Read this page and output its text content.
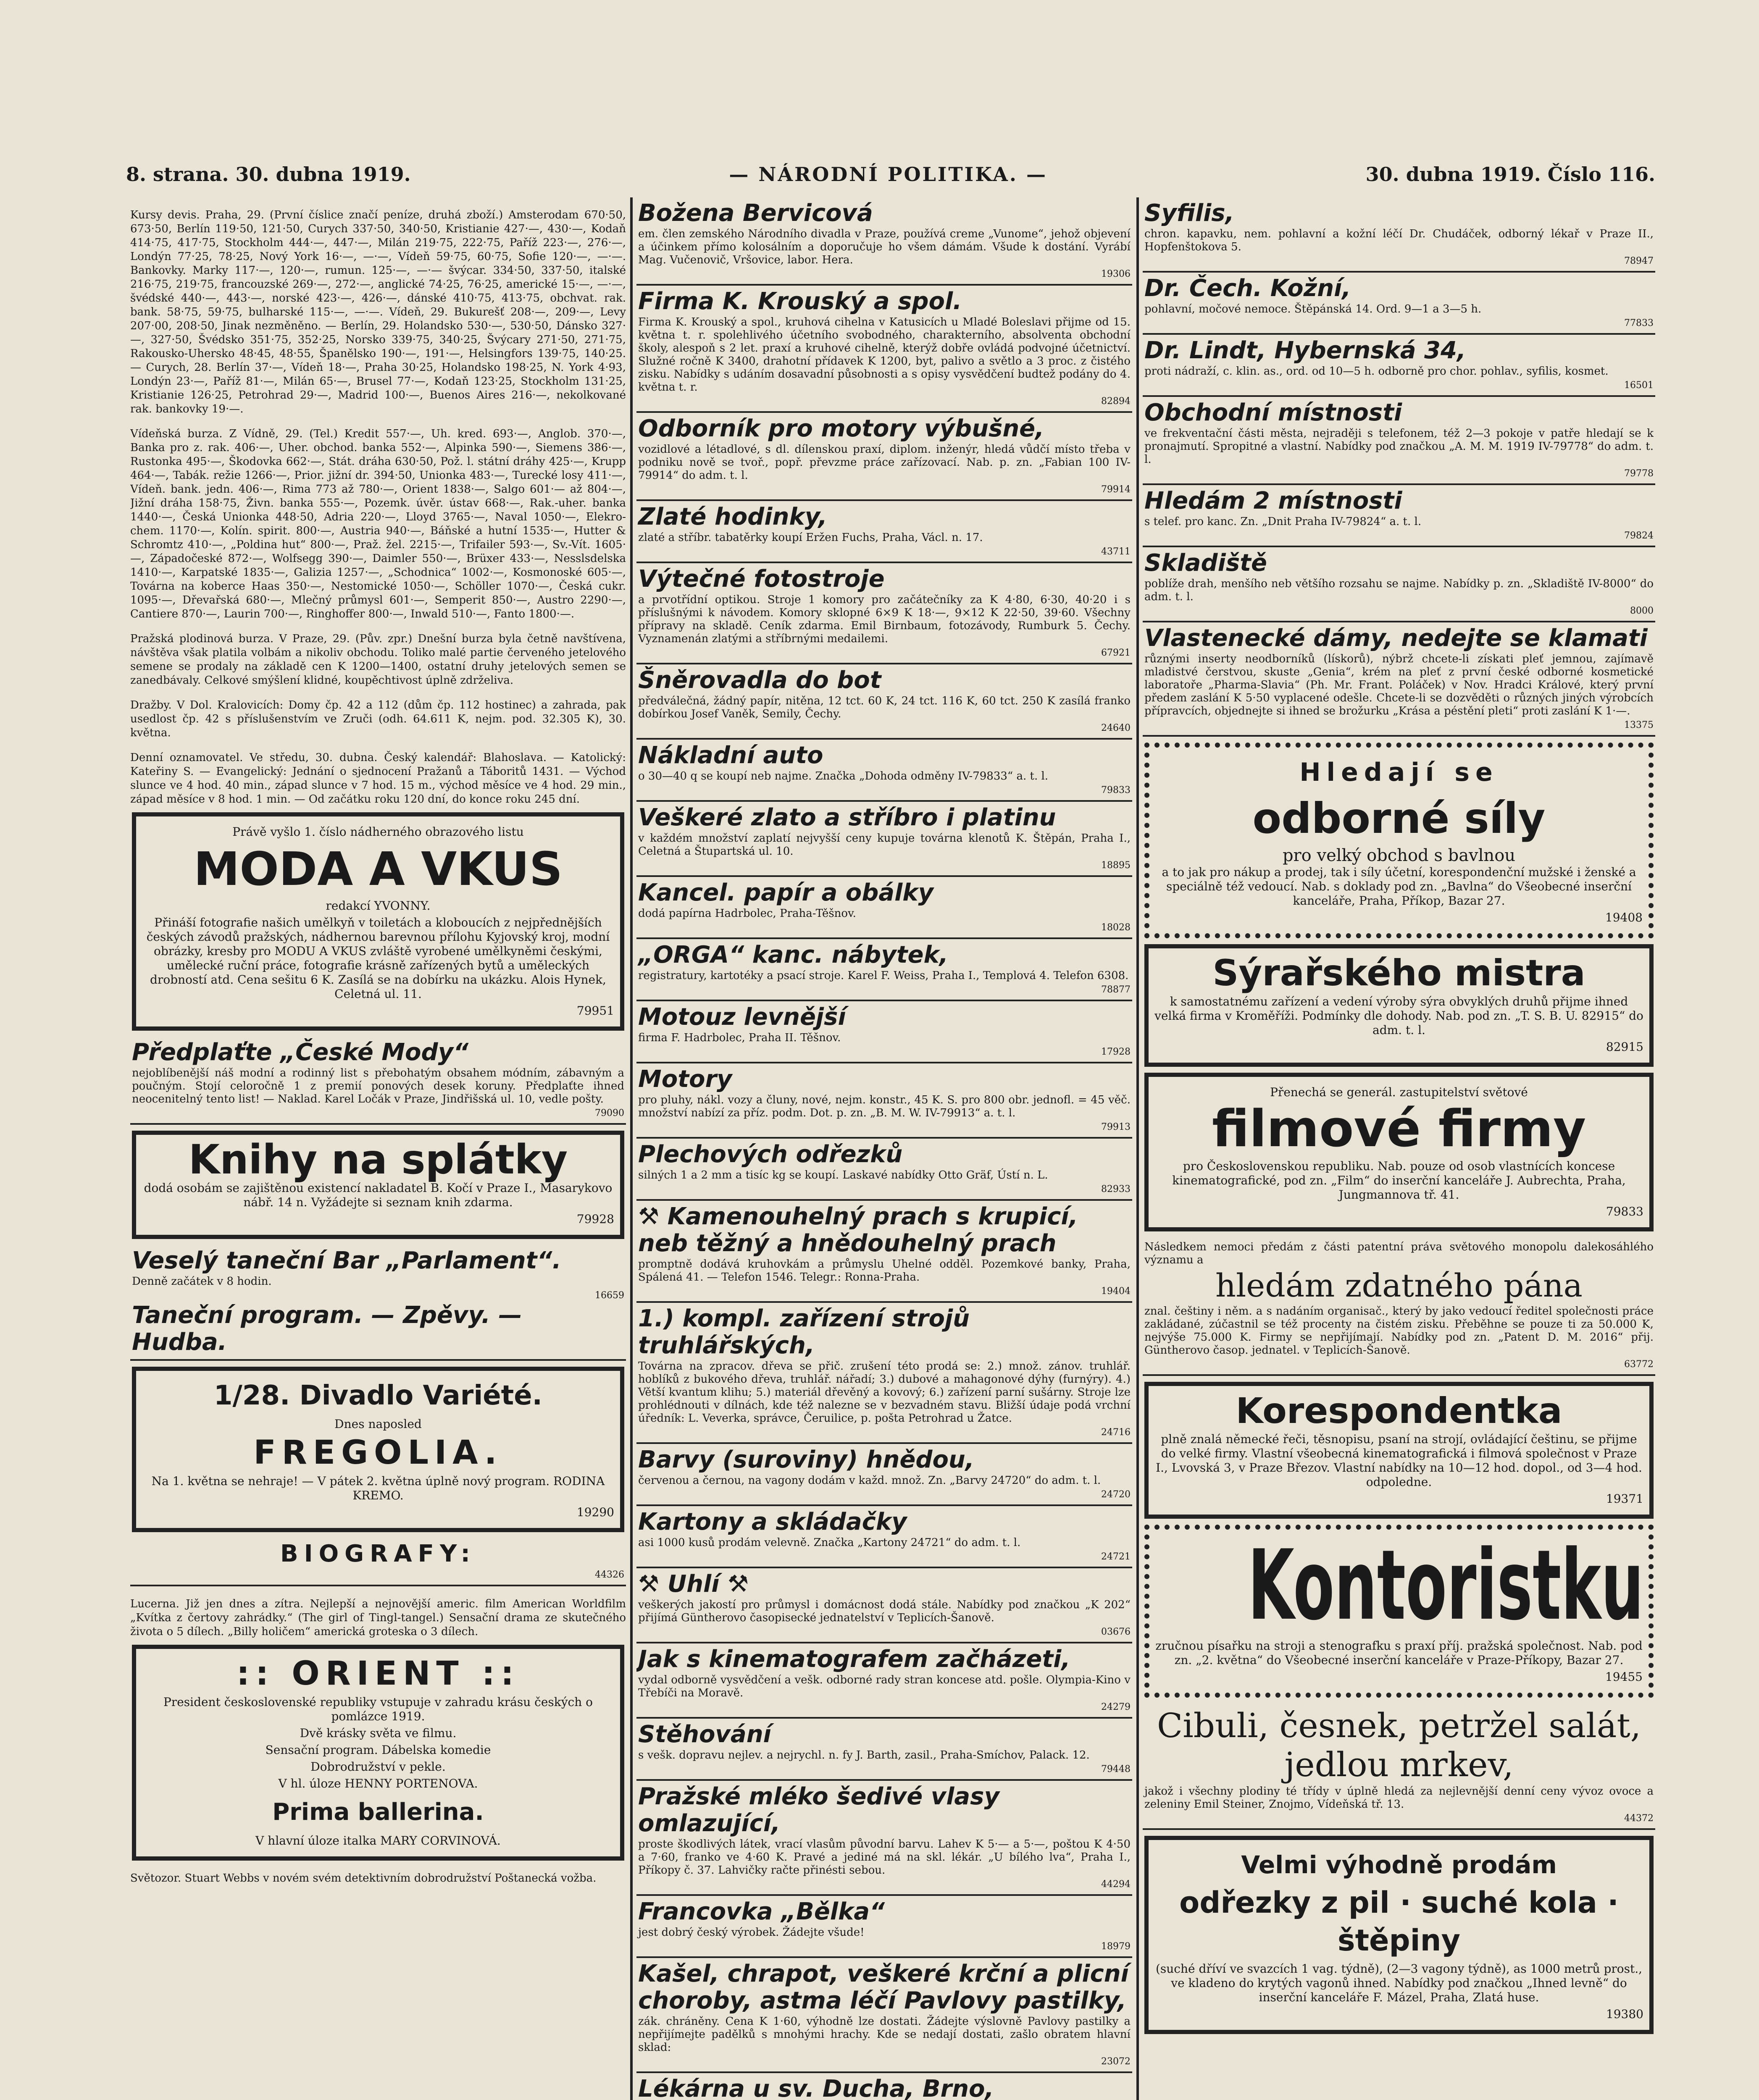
8. strana. 30. dubna 1919.	— NÁRODNÍ POLITIKA. —	30. dubna 1919. Číslo 116.

Kursy devis. Praha, 29. (První číslice značí peníze, druhá zboží.) Amsterodam 670·50, 673·50, Berlín 119·50, 121·50, Curych 337·50, 340·50, Kristianie 427·—, 430·—, Kodaň 414·75, 417·75, Stockholm 444·—, 447·—, Milán 219·75, 222·75, Paříž 223·—, 276·—, Londýn 77·25, 78·25, Nový York 16·—, —·—, Vídeň 59·75, 60·75, Sofie 120·—, —·—. Bankovky. Marky 117·—, 120·—, rumun. 125·—, —·— švýcar. 334·50, 337·50, italské 216·75, 219·75, francouzské 269·—, 272·—, anglické 74·25, 76·25, americké 15·—, —·—, švédské 440·—, 443·—, norské 423·—, 426·—, dánské 410·75, 413·75, obchvat. rak. bank. 58·75, 59·75, bulharské 115·—, —·—. Vídeň, 29. Bukurešť 208·—, 209·—, Levy 207·00, 208·50, Jinak nezměněno. — Berlín, 29. Holandsko 530·—, 530·50, Dánsko 327·—, 327·50, Švédsko 351·75, 352·25, Norsko 339·75, 340·25, Švýcary 271·50, 271·75, Rakousko-Uhersko 48·45, 48·55, Španělsko 190·—, 191·—, Helsingfors 139·75, 140·25. — Curych, 28. Berlín 37·—, Vídeň 18·—, Praha 30·25, Holandsko 198·25, N. York 4·93, Londýn 23·—, Paříž 81·—, Milán 65·—, Brusel 77·—, Kodaň 123·25, Stockholm 131·25, Kristianie 126·25, Petrohrad 29·—, Madrid 100·—, Buenos Aires 216·—, nekolkované rak. bankovky 19·—.

Vídeňská burza. Z Vídně, 29. (Tel.) Kredit 557·—, Uh. kred. 693·—, Anglob. 370·—, Banka pro z. rak. 406·—, Uher. obchod. banka 552·—, Alpinka 590·—, Siemens 386·—, Rustonka 495·—, Škodovka 662·—, Stát. dráha 630·50, Pož. l. státní dráhy 425·—, Krupp 464·—, Tabák. režie 1266·—, Prior. jižní dr. 394·50, Unionka 483·—, Turecké losy 411·—, Vídeň. bank. jedn. 406·—, Rima 773 až 780·—, Orient 1838·—, Salgo 601·— až 804·—, Jižní dráha 158·75, Živn. banka 555·—, Pozemk. úvěr. ústav 668·—, Rak.-uher. banka 1440·—, Česká Unionka 448·50, Adria 220·—, Lloyd 3765·—, Naval 1050·—, Elekro-chem. 1170·—, Kolín. spirit. 800·—, Austria 940·—, Báňské a hutní 1535·—, Hutter & Schromtz 410·—, „Poldina hut“ 800·—, Praž. žel. 2215·—, Trifailer 593·—, Sv.-Vít. 1605·—, Západočeské 872·—, Wolfsegg 390·—, Daimler 550·—, Brüxer 433·—, Nesslsdelska 1410·—, Karpatské 1835·—, Galizia 1257·—, „Schodnica“ 1002·—, Kosmonoské 605·—, Továrna na koberce Haas 350·—, Nestomické 1050·—, Schöller 1070·—, Česká cukr. 1095·—, Dřevařská 680·—, Mlečný průmysl 601·—, Semperit 850·—, Austro 2290·—, Cantiere 870·—, Laurin 700·—, Ringhoffer 800·—, Inwald 510·—, Fanto 1800·—.

Pražská plodinová burza. V Praze, 29. (Pův. zpr.) Dnešní burza byla četně navštívena, návštěva však platila volbám a nikoliv obchodu. Toliko malé partie červeného jetelového semene se prodaly na základě cen K 1200—1400, ostatní druhy jetelových semen se zanedbávaly. Celkové smýšlení klidné, koupěchtivost úplně zdrželiva.

Dražby. V Dol. Kralovicích: Domy čp. 42 a 112 (dům čp. 112 hostinec) a zahrada, pak usedlost čp. 42 s příslušenstvím ve Zruči (odh. 64.611 K, nejm. pod. 32.305 K), 30. května.

Denní oznamovatel. Ve středu, 30. dubna. Český kalendář: Blahoslava. — Katolický: Kateřiny S. — Evangelický: Jednání o sjednocení Pražanů a Táboritů 1431. — Východ slunce ve 4 hod. 40 min., západ slunce v 7 hod. 15 m., východ měsíce ve 4 hod. 29 min., západ měsíce v 8 hod. 1 min. — Od začátku roku 120 dní, do konce roku 245 dní.

Právě vyšlo 1. číslo nádherného obrazového listu

MODA A VKUS

redakcí YVONNY.

Přináší fotografie našich umělkyň v toiletách a kloboucích z nejpřednějších českých závodů pražských, nádhernou barevnou přílohu Kyjovský kroj, modní obrázky, kresby pro MODU A VKUS zvláště vyrobené umělkyněmi českými, umělecké ruční práce, fotografie krásně zařízených bytů a uměleckých drobností atd. Cena sešitu 6 K. Zasílá se na dobírku na ukázku. Alois Hynek, Celetná ul. 11.

79951

Předplaťte „České Mody“

nejoblíbenější náš modní a rodinný list s přebohatým obsahem módním, zábavným a poučným. Stojí celoročně 1 z premií ponových desek koruny. Předplaťte ihned neocenitelný tento list! — Naklad. Karel Ločák v Praze, Jindřišská ul. 10, vedle pošty.

79090

Knihy na splátky

dodá osobám se zajištěnou existencí nakladatel B. Kočí v Praze I., Masarykovo nábř. 14 n. Vyžádejte si seznam knih zdarma.

79928

Veselý taneční Bar „Parlament“.

Denně začátek v 8 hodin.

16659

Taneční program. — Zpěvy. — Hudba.
1/28. Divadlo Variété.

Dnes naposled

FREGOLIA.

Na 1. května se nehraje! — V pátek 2. května úplně nový program. RODINA KREMO.

19290

BIOGRAFY:

44326

Lucerna. Již jen dnes a zítra. Nejlepší a nejnovější americ. film American Worldfilm „Kvítka z čertovy zahrádky.“ (The girl of Tingl-tangel.) Sensační drama ze skutečného života o 5 dílech. „Billy holičem“ americká groteska o 3 dílech.

:: ORIENT ::

President československé republiky vstupuje v zahradu krásu českých o pomlázce 1919.

Dvě krásky světa ve filmu.

Sensační program. Dábelska komedie

Dobrodružství v pekle.

V hl. úloze HENNY PORTENOVA.

Prima ballerina.

V hlavní úloze italka MARY CORVINOVÁ.

Světozor. Stuart Webbs v novém svém detektivním dobrodružství Poštanecká vožba.

Božena Bervicová

em. člen zemského Národního divadla v Praze, používá creme „Vunome“, jehož objevení a účinkem přímo kolosálním a doporučuje ho všem dámám. Všude k dostání. Vyrábí Mag. Vučenovič, Vršovice, labor. Hera.

19306

Firma K. Krouský a spol.

Firma K. Krouský a spol., kruhová cihelna v Katusicích u Mladé Boleslavi přijme od 15. května t. r. spolehlivého účetního svobodného, charakterního, absolventa obchodní školy, alespoň s 2 let. praxí a kruhové cihelně, kterýž dobře ovládá podvojné účetnictví. Služné ročně K 3400, drahotní přídavek K 1200, byt, palivo a světlo a 3 proc. z čistého zisku. Nabídky s udáním dosavadní působnosti a s opisy vysvědčení budtež podány do 4. května t. r.

82894

Odborník pro motory výbušné,

vozidlové a létadlové, s dl. dílenskou praxí, diplom. inženýr, hledá vůdčí místo třeba v podniku nově se tvoř., popř. převzme práce zařízovací. Nab. p. zn. „Fabian 100 IV-79914“ do adm. t. l.

79914

Zlaté hodinky,

zlaté a stříbr. tabatěrky koupí Eržen Fuchs, Praha, Václ. n. 17.

43711

Výtečné fotostroje

a prvotřídní optikou. Stroje 1 komory pro začátečníky za K 4·80, 6·30, 40·20 i s příslušnými k návodem. Komory sklopné 6×9 K 18·—, 9×12 K 22·50, 39·60. Všechny přípravy na skladě. Ceník zdarma. Emil Birnbaum, fotozávody, Rumburk 5. Čechy. Vyznamenán zlatými a stříbrnými medailemi.

67921

Šněrovadla do bot

předválečná, žádný papír, nitěna, 12 tct. 60 K, 24 tct. 116 K, 60 tct. 250 K zasílá franko dobírkou Josef Vaněk, Semily, Čechy.

24640

Nákladní auto

o 30—40 q se koupí neb najme. Značka „Dohoda odměny IV-79833“ a. t. l.

79833

Veškeré zlato a stříbro i platinu

v každém množství zaplatí nejvyšší ceny kupuje továrna klenotů K. Štěpán, Praha I., Celetná a Štupartská ul. 10.

18895

Kancel. papír a obálky

dodá papírna Hadrbolec, Praha-Těšnov.

18028

„ORGA“ kanc. nábytek,

registratury, kartotéky a psací stroje. Karel F. Weiss, Praha I., Templová 4. Telefon 6308.

78877

Motouz levnější

firma F. Hadrbolec, Praha II. Těšnov.

17928

Motory

pro pluhy, nákl. vozy a čluny, nové, nejm. konstr., 45 K. S. pro 800 obr. jednofl. = 45 věč. množství nabízí za příz. podm. Dot. p. zn. „B. M. W. IV-79913“ a. t. l.

79913

Plechových odřezků

silných 1 a 2 mm a tisíc kg se koupí. Laskavé nabídky Otto Gräf, Ústí n. L.

82933

⚒ Kamenouhelný prach s krupicí, neb těžný a hnědouhelný prach

promptně dodává kruhovkám a průmyslu Uhelné odděl. Pozemkové banky, Praha, Spálená 41. — Telefon 1546. Telegr.: Ronna-Praha.

19404

1.) kompl. zařízení strojů truhlářských,

Továrna na zpracov. dřeva se přič. zrušení této prodá se: 2.) množ. zánov. truhlář. hoblíků z bukového dřeva, truhlář. nářadí; 3.) dubové a mahagonové dýhy (furnýry). 4.) Větší kvantum klihu; 5.) materiál dřevěný a kovový; 6.) zařízení parní sušárny. Stroje lze prohlédnouti v dílnách, kde též nalezne se v bezvadném stavu. Bližší údaje podá vrchní úředník: L. Veverka, správce, Čeruilice, p. pošta Petrohrad u Žatce.

24716

Barvy (suroviny) hnědou,

červenou a černou, na vagony dodám v každ. množ. Zn. „Barvy 24720“ do adm. t. l.

24720

Kartony a skládačky

asi 1000 kusů prodám velevně. Značka „Kartony 24721“ do adm. t. l.

24721

⚒ Uhlí ⚒

veškerých jakostí pro průmysl i domácnost dodá stále. Nabídky pod značkou „K 202“ přijímá Güntherovo časopisecké jednatelství v Teplicích-Šanově.

03676

Jak s kinematografem začházeti,

vydal odborně vysvědčení a vešk. odborné rady stran koncese atd. pošle. Olympia-Kino v Třebíči na Moravě.

24279

Stěhování

s vešk. dopravu nejlev. a nejrychl. n. fy J. Barth, zasil., Praha-Smíchov, Palack. 12.

79448

Pražské mléko šedivé vlasy omlazující,

proste škodlivých látek, vrací vlasům původní barvu. Lahev K 5·— a 5·—, poštou K 4·50 a 7·60, franko ve 4·60 K. Pravé a jediné má na skl. lékár. „U bílého lva“, Praha I., Příkopy č. 37. Lahvičky račte přinésti sebou.

44294

Francovka „Bělka“

jest dobrý český výrobek. Žádejte všude!

18979

Kašel, chrapot, veškeré krční a plicní choroby, astma léčí Pavlovy pastilky,

zák. chráněny. Cena K 1·60, výhodně lze dostati. Žádejte výslovně Pavlovy pastilky a nepřijímejte padělků s mnohými hrachy. Kde se nedají dostati, zašlo obratem hlavní sklad:

23072

Lékárna u sv. Ducha, Brno,

Syfilis,

chron. kapavku, nem. pohlavní a kožní léčí Dr. Chudáček, odborný lékař v Praze II., Hopfenštokova 5.

78947

Dr. Čech. Kožní,

pohlavní, močové nemoce. Štěpánská 14. Ord. 9—1 a 3—5 h.

77833

Dr. Lindt, Hybernská 34,

proti nádraží, c. klin. as., ord. od 10—5 h. odborně pro chor. pohlav., syfilis, kosmet.

16501

Obchodní místnosti

ve frekventační části města, nejraději s telefonem, též 2—3 pokoje v patře hledají se k pronajmutí. Spropitné a vlastní. Nabídky pod značkou „A. M. M. 1919 IV-79778“ do adm. t. l.

79778

Hledám 2 místnosti

s telef. pro kanc. Zn. „Dnit Praha IV-79824“ a. t. l.

79824

Skladiště

poblíže drah, menšího neb většího rozsahu se najme. Nabídky p. zn. „Skladiště IV-8000“ do adm. t. l.

8000

Vlastenecké dámy, nedejte se klamati

různými inserty neodborníků (lískorů), nýbrž chcete-li získati pleť jemnou, zajímavě mladistvé čerstvou, skuste „Genia“, krém na pleť z první české odborné kosmetické laboratoře „Pharma-Slavia“ (Ph. Mr. Frant. Poláček) v Nov. Hradci Králové, který první předem zaslání K 5·50 vyplacené odešle. Chcete-li se dozvěděti o různých jiných výrobcích přípravcích, objednejte si ihned se brožurku „Krása a péstění pleti“ proti zaslání K 1·—.

13375

Hledají se
odborné síly

pro velký obchod s bavlnou

a to jak pro nákup a prodej, tak i síly účetní, korespondenční mužské i ženské a speciálně též vedoucí. Nab. s doklady pod zn. „Bavlna“ do Všeobecné inserční kanceláře, Praha, Příkop, Bazar 27.

19408

Sýrařského mistra

k samostatnému zařízení a vedení výroby sýra obvyklých druhů přijme ihned velká firma v Kroměříži. Podmínky dle dohody. Nab. pod zn. „T. S. B. U. 82915“ do adm. t. l.

82915

Přenechá se generál. zastupitelství světové

filmové firmy

pro Československou republiku. Nab. pouze od osob vlastnících koncese kinematografické, pod zn. „Film“ do inserční kanceláře J. Aubrechta, Praha, Jungmannova tř. 41.

79833

Následkem nemoci předám z části patentní práva světového monopolu dalekosáhlého významu a

hledám zdatného pána

znal. češtiny i něm. a s nadáním organisač., který by jako vedoucí ředitel společnosti práce zakládané, zúčastnil se též procenty na čistém zisku. Přeběhne se pouze ti za 50.000 K, nejvýše 75.000 K. Firmy se nepřijímají. Nabídky pod zn. „Patent D. M. 2016“ přij. Güntherovo časop. jednatel. v Teplicích-Šanově.

63772

Korespondentka

plně znalá německé řeči, těsnopisu, psaní na strojí, ovládající češtinu, se přijme do velké firmy. Vlastní všeobecná kinematografická i filmová společnost v Praze I., Lvovská 3, v Praze Březov. Vlastní nabídky na 10—12 hod. dopol., od 3—4 hod. odpoledne.

19371

Kontoristku

zručnou písařku na stroji a stenografku s praxí příj. pražská společnost. Nab. pod zn. „2. května“ do Všeobecné inserční kanceláře v Praze-Příkopy, Bazar 27.

19455

Cibuli, česnek, petržel salát, jedlou mrkev,

jakož i všechny plodiny té třídy v úplně hledá za nejlevnější denní ceny vývoz ovoce a zeleniny Emil Steiner, Znojmo, Vídeňská tř. 13.

44372

Velmi výhodně prodám
odřezky z pil · suché kola · štěpiny

(suché dříví ve svazcích 1 vag. týdně), (2—3 vagony týdně), as 1000 metrů prost., ve kladeno do krytých vagonů ihned. Nabídky pod značkou „Ihned levně“ do inserční kanceláře F. Mázel, Praha, Zlatá huse.

19380
